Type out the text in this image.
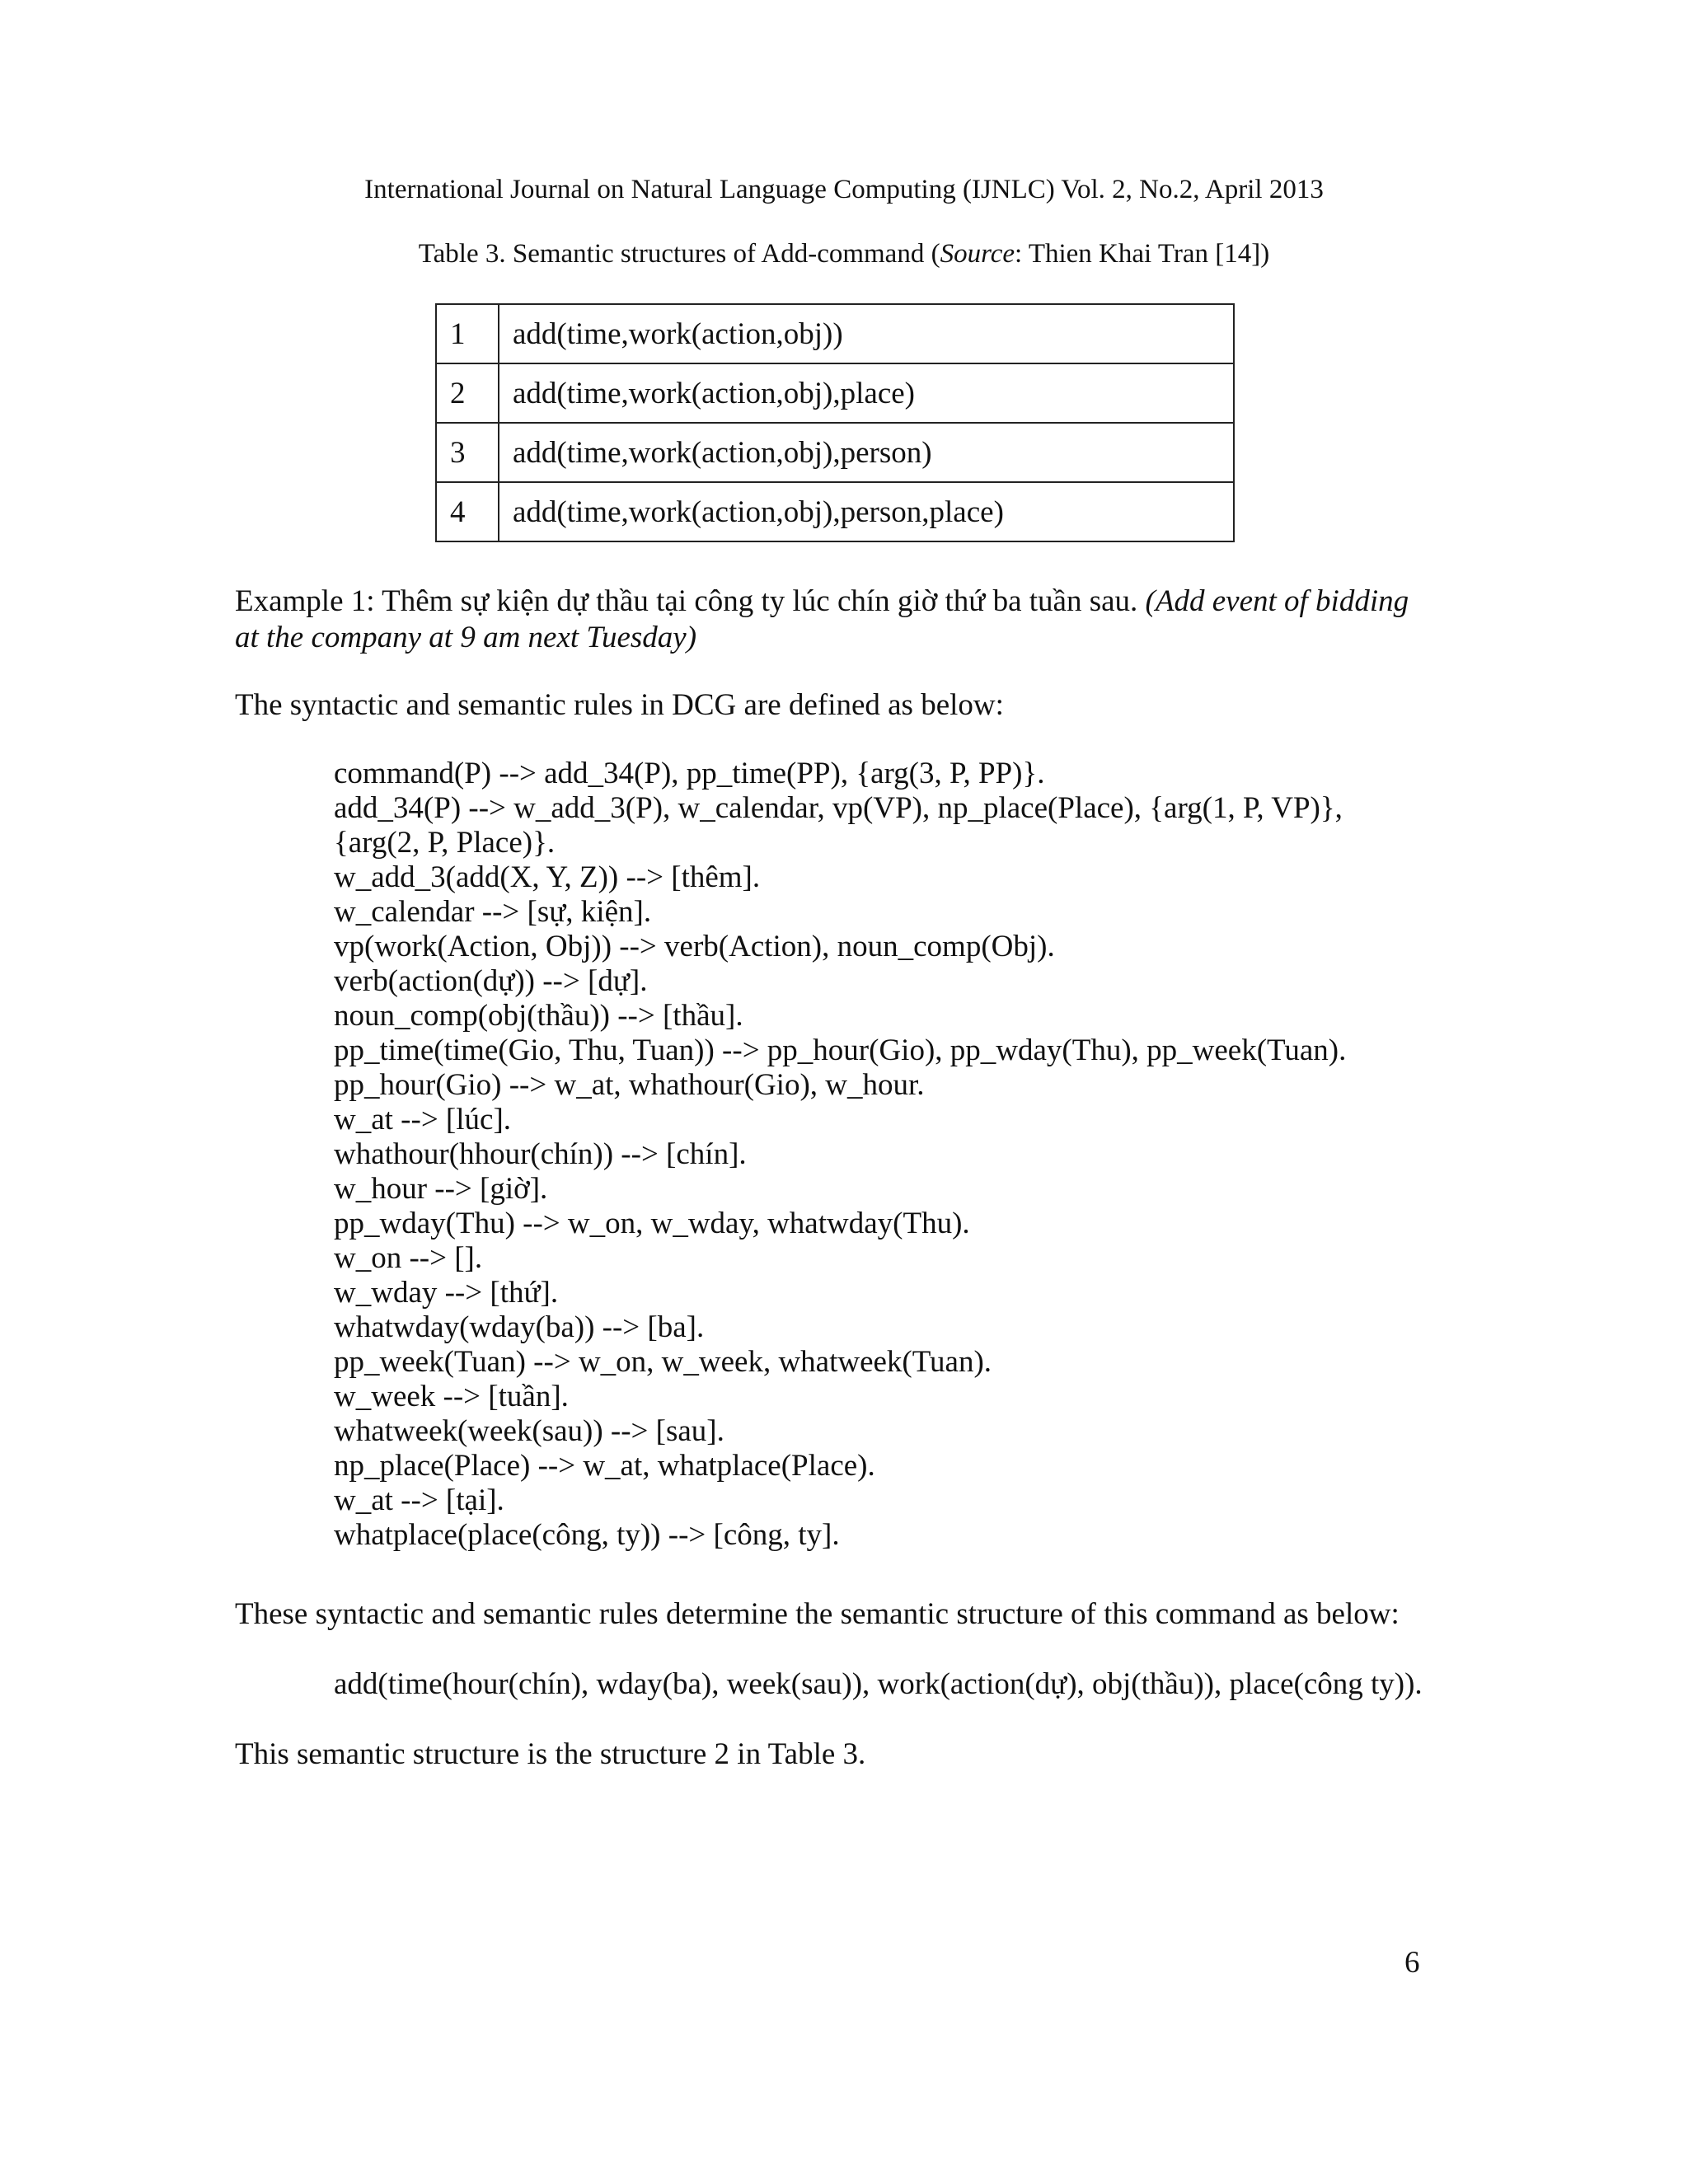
International Journal on Natural Language Computing (IJNLC) Vol. 2, No.2, April 2013
Table 3. Semantic structures of Add-command (Source: Thien Khai Tran [14])
1	add(time,work(action,obj))
2	add(time,work(action,obj),place)
3	add(time,work(action,obj),person)
4	add(time,work(action,obj),person,place)
Example 1: Thêm sự kiện dự thầu tại công ty lúc chín giờ thứ ba tuần sau. (Add event of bidding
at the company at 9 am next Tuesday)
The syntactic and semantic rules in DCG are defined as below:
command(P) --> add_34(P), pp_time(PP), {arg(3, P, PP)}.
add_34(P) --> w_add_3(P), w_calendar, vp(VP), np_place(Place), {arg(1, P, VP)},
{arg(2, P, Place)}.
w_add_3(add(X, Y, Z)) --> [thêm].
w_calendar --> [sự, kiện].
vp(work(Action, Obj)) --> verb(Action), noun_comp(Obj).
verb(action(dự)) --> [dự].
noun_comp(obj(thầu)) --> [thầu].
pp_time(time(Gio, Thu, Tuan)) --> pp_hour(Gio), pp_wday(Thu), pp_week(Tuan).
pp_hour(Gio) --> w_at, whathour(Gio), w_hour.
w_at --> [lúc].
whathour(hhour(chín)) --> [chín].
w_hour --> [giờ].
pp_wday(Thu) --> w_on, w_wday, whatwday(Thu).
w_on --> [].
w_wday --> [thứ].
whatwday(wday(ba)) --> [ba].
pp_week(Tuan) --> w_on, w_week, whatweek(Tuan).
w_week --> [tuần].
whatweek(week(sau)) --> [sau].
np_place(Place) --> w_at, whatplace(Place).
w_at --> [tại].
whatplace(place(công, ty)) --> [công, ty].
These syntactic and semantic rules determine the semantic structure of this command as below:
add(time(hour(chín), wday(ba), week(sau)), work(action(dự), obj(thầu)), place(công ty)).
This semantic structure is the structure 2 in Table 3.
6
